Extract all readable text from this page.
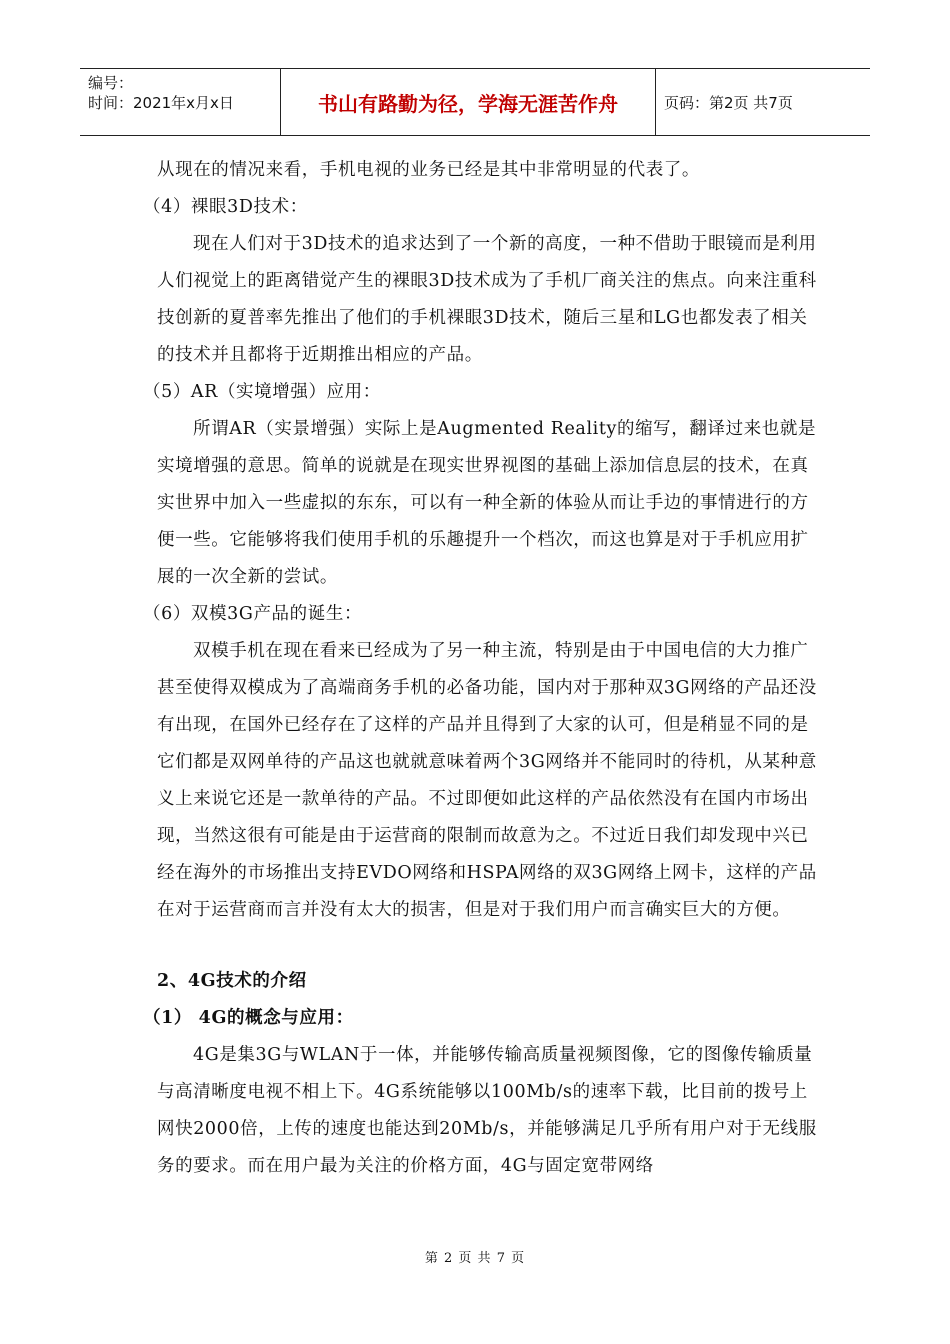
编号：
时间：2021年x月x日	书山有路勤为径，学海无涯苦作舟	页码：第2页 共7页

从现在的情况来看，手机电视的业务已经是其中非常明显的代表了。

（4）裸眼3D技术：

现在人们对于3D技术的追求达到了一个新的高度，一种不借助于眼镜而是利用人们视觉上的距离错觉产生的裸眼3D技术成为了手机厂商关注的焦点。向来注重科技创新的夏普率先推出了他们的手机裸眼3D技术，随后三星和LG也都发表了相关的技术并且都将于近期推出相应的产品。

（5）AR（实境增强）应用：

所谓AR（实景增强）实际上是Augmented Reality的缩写，翻译过来也就是实境增强的意思。简单的说就是在现实世界视图的基础上添加信息层的技术，在真实世界中加入一些虚拟的东东，可以有一种全新的体验从而让手边的事情进行的方便一些。它能够将我们使用手机的乐趣提升一个档次，而这也算是对于手机应用扩展的一次全新的尝试。

（6）双模3G产品的诞生：

双模手机在现在看来已经成为了另一种主流，特别是由于中国电信的大力推广甚至使得双模成为了高端商务手机的必备功能，国内对于那种双3G网络的产品还没有出现，在国外已经存在了这样的产品并且得到了大家的认可，但是稍显不同的是它们都是双网单待的产品这也就就意味着两个3G网络并不能同时的待机，从某种意义上来说它还是一款单待的产品。不过即便如此这样的产品依然没有在国内市场出现，当然这很有可能是由于运营商的限制而故意为之。不过近日我们却发现中兴已经在海外的市场推出支持EVDO网络和HSPA网络的双3G网络上网卡，这样的产品在对于运营商而言并没有太大的损害，但是对于我们用户而言确实巨大的方便。

2、4G技术的介绍

（1） 4G的概念与应用：

4G是集3G与WLAN于一体，并能够传输高质量视频图像，它的图像传输质量与高清晰度电视不相上下。4G系统能够以100Mb/s的速率下载，比目前的拨号上网快2000倍，上传的速度也能达到20Mb/s，并能够满足几乎所有用户对于无线服务的要求。而在用户最为关注的价格方面，4G与固定宽带网络

第 2 页 共 7 页
